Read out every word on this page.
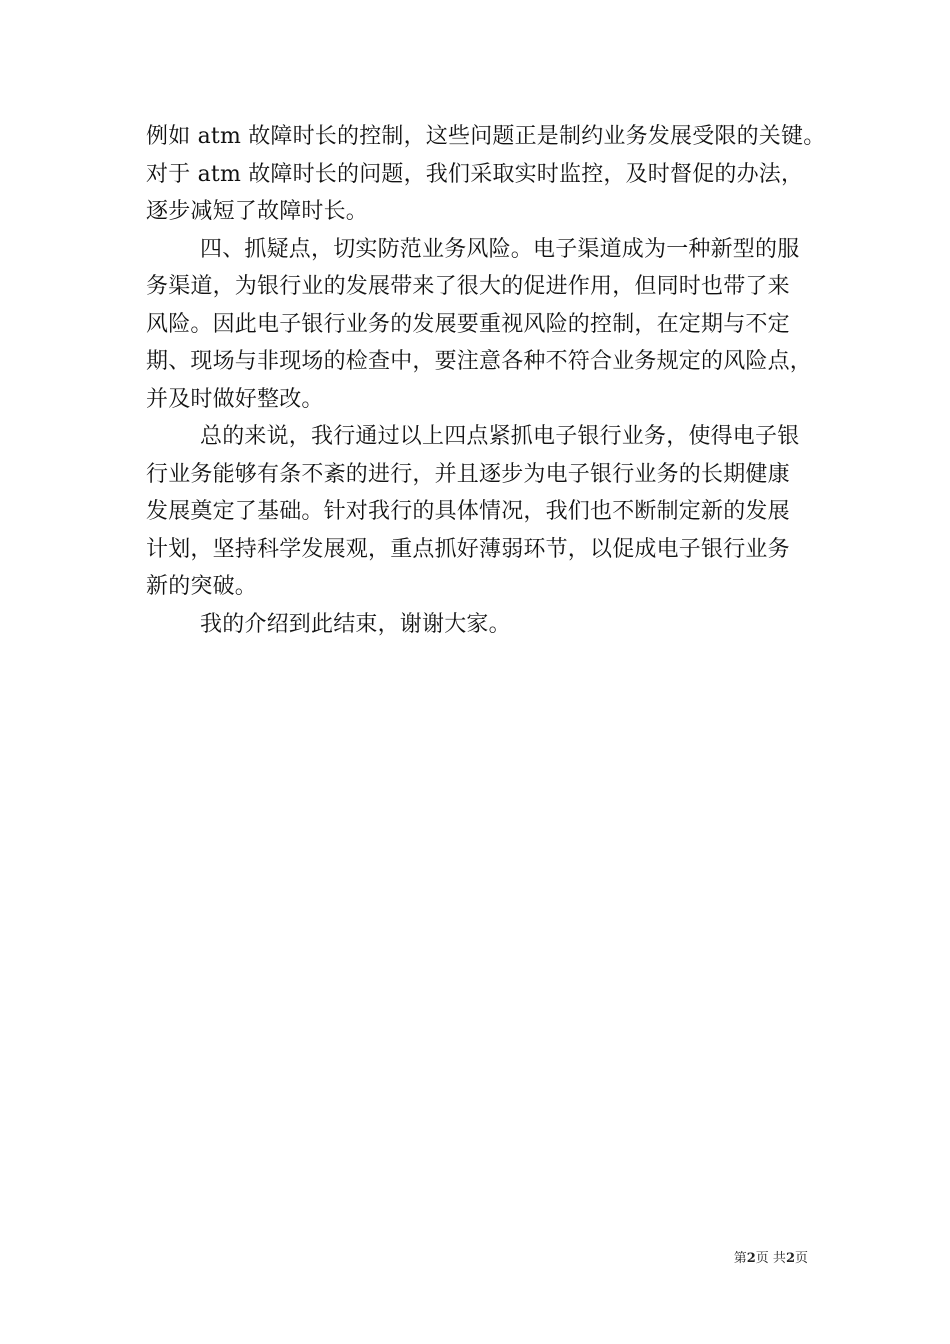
例如 atm 故障时长的控制，这些问题正是制约业务发展受限的关键。
对于 atm 故障时长的问题，我们采取实时监控，及时督促的办法，
逐步减短了故障时长。
四、抓疑点，切实防范业务风险。电子渠道成为一种新型的服
务渠道，为银行业的发展带来了很大的促进作用，但同时也带了来
风险。因此电子银行业务的发展要重视风险的控制，在定期与不定
期、现场与非现场的检查中，要注意各种不符合业务规定的风险点，
并及时做好整改。
总的来说，我行通过以上四点紧抓电子银行业务，使得电子银
行业务能够有条不紊的进行，并且逐步为电子银行业务的长期健康
发展奠定了基础。针对我行的具体情况，我们也不断制定新的发展
计划，坚持科学发展观，重点抓好薄弱环节，以促成电子银行业务
新的突破。
我的介绍到此结束，谢谢大家。
第2页 共2页
